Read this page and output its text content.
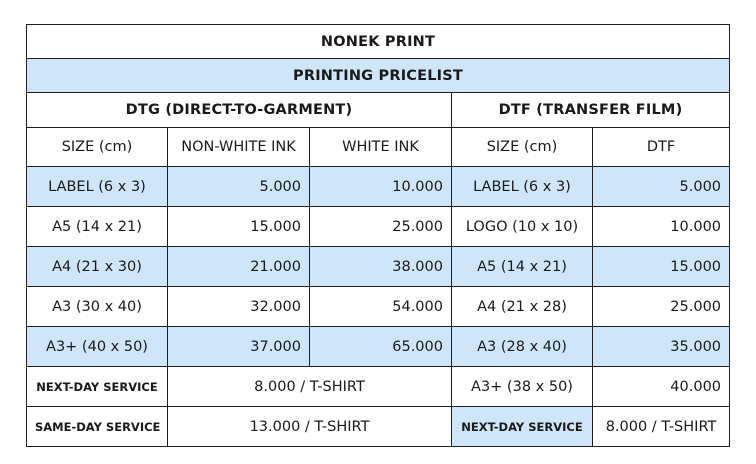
NONEK PRINT				
PRINTING PRICELIST				
DTG (DIRECT-TO-GARMENT)			DTF (TRANSFER FILM)	
SIZE (cm)	NON-WHITE INK	WHITE INK	SIZE (cm)	DTF
LABEL (6 x 3)	5.000	10.000	LABEL (6 x 3)	5.000
A5 (14 x 21)	15.000	25.000	LOGO (10 x 10)	10.000
A4 (21 x 30)	21.000	38.000	A5 (14 x 21)	15.000
A3 (30 x 40)	32.000	54.000	A4 (21 x 28)	25.000
A3+ (40 x 50)	37.000	65.000	A3 (28 x 40)	35.000
NEXT-DAY SERVICE	8.000 / T-SHIRT		A3+ (38 x 50)	40.000
SAME-DAY SERVICE	13.000 / T-SHIRT		NEXT-DAY SERVICE	8.000 / T-SHIRT
